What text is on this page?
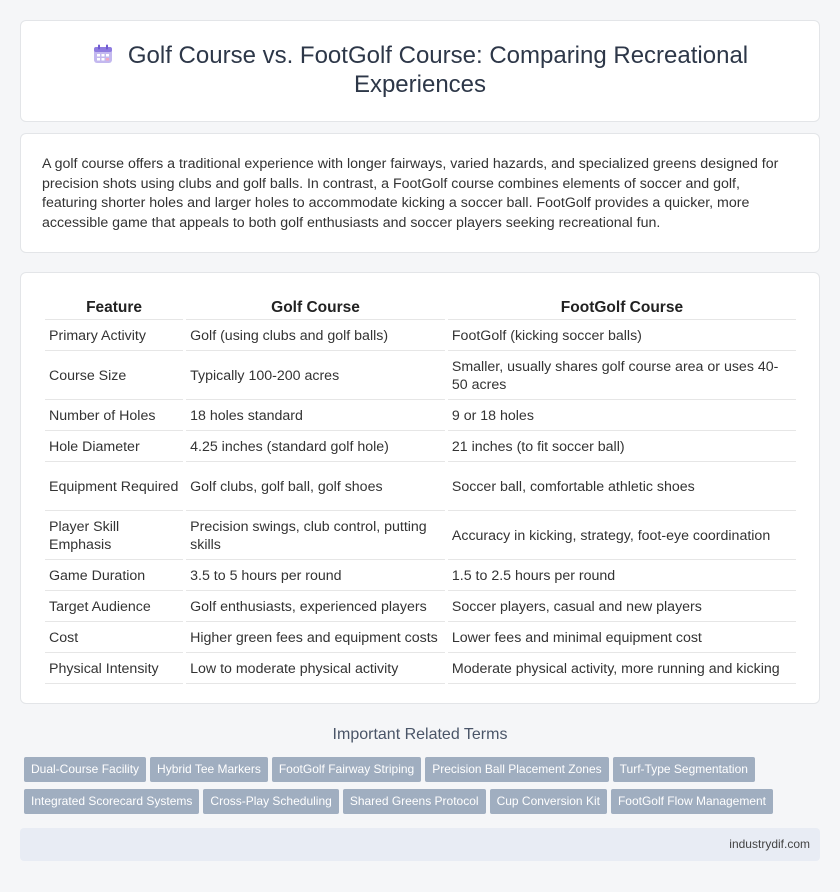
Golf Course vs. FootGolf Course: Comparing Recreational
Experiences
A golf course offers a traditional experience with longer fairways, varied hazards, and specialized greens designed for precision shots using clubs and golf balls. In contrast, a FootGolf course combines elements of soccer and golf, featuring shorter holes and larger holes to accommodate kicking a soccer ball. FootGolf provides a quicker, more accessible game that appeals to both golf enthusiasts and soccer players seeking recreational fun.
Feature	Golf Course	FootGolf Course
Primary Activity	Golf (using clubs and golf balls)	FootGolf (kicking soccer balls)
Course Size	Typically 100-200 acres	Smaller, usually shares golf course area or uses 40-50 acres
Number of Holes	18 holes standard	9 or 18 holes
Hole Diameter	4.25 inches (standard golf hole)	21 inches (to fit soccer ball)
Equipment Required	Golf clubs, golf ball, golf shoes	Soccer ball, comfortable athletic shoes
Player Skill Emphasis	Precision swings, club control, putting skills	Accuracy in kicking, strategy, foot-eye coordination
Game Duration	3.5 to 5 hours per round	1.5 to 2.5 hours per round
Target Audience	Golf enthusiasts, experienced players	Soccer players, casual and new players
Cost	Higher green fees and equipment costs	Lower fees and minimal equipment cost
Physical Intensity	Low to moderate physical activity	Moderate physical activity, more running and kicking
Important Related Terms
Dual-Course Facility Hybrid Tee Markers FootGolf Fairway Striping Precision Ball Placement Zones Turf-Type Segmentation
Integrated Scorecard Systems Cross-Play Scheduling Shared Greens Protocol Cup Conversion Kit FootGolf Flow Management
industrydif.com
